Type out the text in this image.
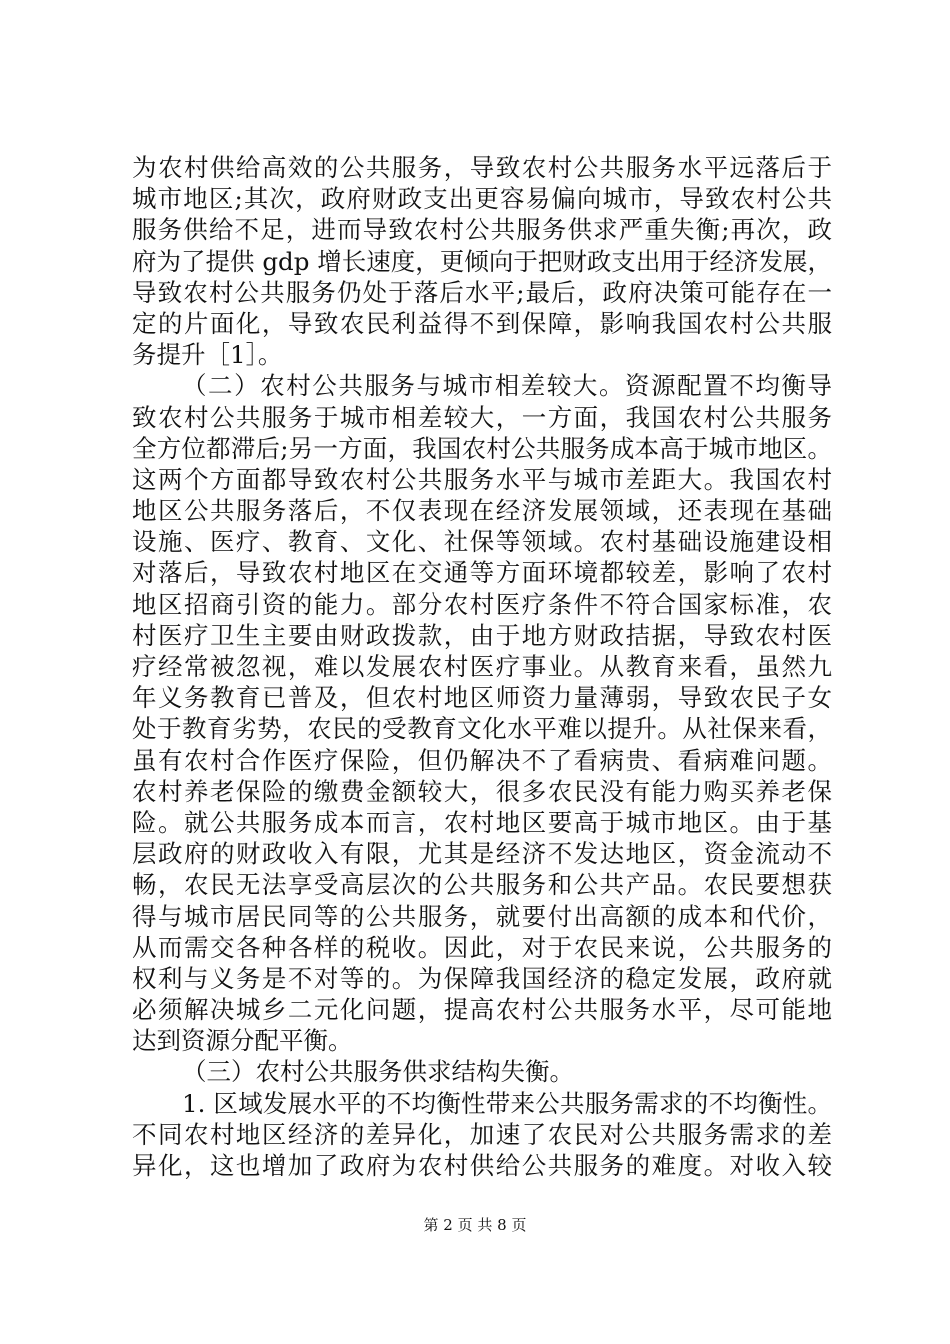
为农村供给高效的公共服务，导致农村公共服务水平远落后于
城市地区;其次，政府财政支出更容易偏向城市，导致农村公共
服务供给不足，进而导致农村公共服务供求严重失衡;再次，政
府为了提供 gdp 增长速度，更倾向于把财政支出用于经济发展，
导致农村公共服务仍处于落后水平;最后，政府决策可能存在一
定的片面化，导致农民利益得不到保障，影响我国农村公共服
务提升［1］。
（二）农村公共服务与城市相差较大。资源配置不均衡导
致农村公共服务于城市相差较大，一方面，我国农村公共服务
全方位都滞后;另一方面，我国农村公共服务成本高于城市地区。
这两个方面都导致农村公共服务水平与城市差距大。我国农村
地区公共服务落后，不仅表现在经济发展领域，还表现在基础
设施、医疗、教育、文化、社保等领域。农村基础设施建设相
对落后，导致农村地区在交通等方面环境都较差，影响了农村
地区招商引资的能力。部分农村医疗条件不符合国家标准，农
村医疗卫生主要由财政拨款，由于地方财政拮据，导致农村医
疗经常被忽视，难以发展农村医疗事业。从教育来看，虽然九
年义务教育已普及，但农村地区师资力量薄弱，导致农民子女
处于教育劣势，农民的受教育文化水平难以提升。从社保来看，
虽有农村合作医疗保险，但仍解决不了看病贵、看病难问题。
农村养老保险的缴费金额较大，很多农民没有能力购买养老保
险。就公共服务成本而言，农村地区要高于城市地区。由于基
层政府的财政收入有限，尤其是经济不发达地区，资金流动不
畅，农民无法享受高层次的公共服务和公共产品。农民要想获
得与城市居民同等的公共服务，就要付出高额的成本和代价，
从而需交各种各样的税收。因此，对于农民来说，公共服务的
权利与义务是不对等的。为保障我国经济的稳定发展，政府就
必须解决城乡二元化问题，提高农村公共服务水平，尽可能地
达到资源分配平衡。
（三）农村公共服务供求结构失衡。
1. 区域发展水平的不均衡性带来公共服务需求的不均衡性。
不同农村地区经济的差异化，加速了农民对公共服务需求的差
异化，这也增加了政府为农村供给公共服务的难度。对收入较
第 2 页 共 8 页
